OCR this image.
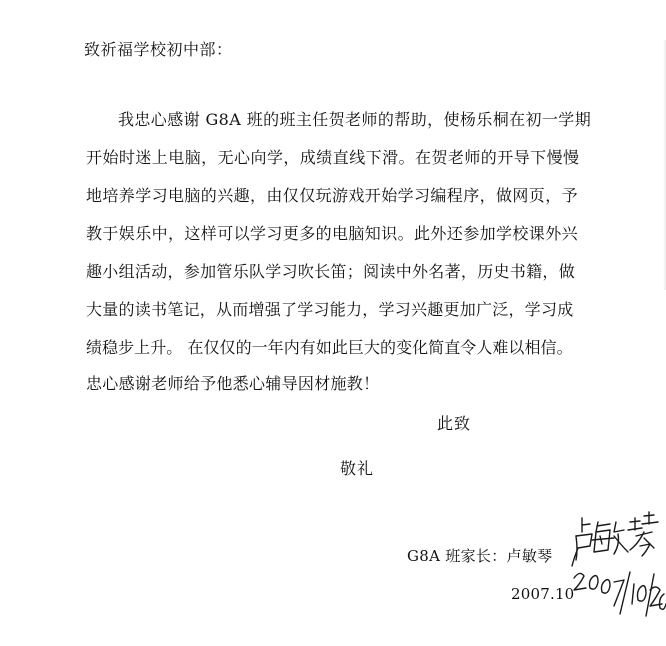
致祈福学校初中部：
我忠心感谢 G8A 班的班主任贺老师的帮助，使杨乐桐在初一学期
开始时迷上电脑，无心向学，成绩直线下滑。在贺老师的开导下慢慢
地培养学习电脑的兴趣，由仅仅玩游戏开始学习编程序，做网页，予
教于娱乐中，这样可以学习更多的电脑知识。此外还参加学校课外兴
趣小组活动，参加管乐队学习吹长笛；阅读中外名著，历史书籍，做
大量的读书笔记，从而增强了学习能力，学习兴趣更加广泛，学习成
绩稳步上升。 在仅仅的一年内有如此巨大的变化简直令人难以相信。
忠心感谢老师给予他悉心辅导因材施教！
此致
敬礼
G8A 班家长：卢敏琴
2007.10
